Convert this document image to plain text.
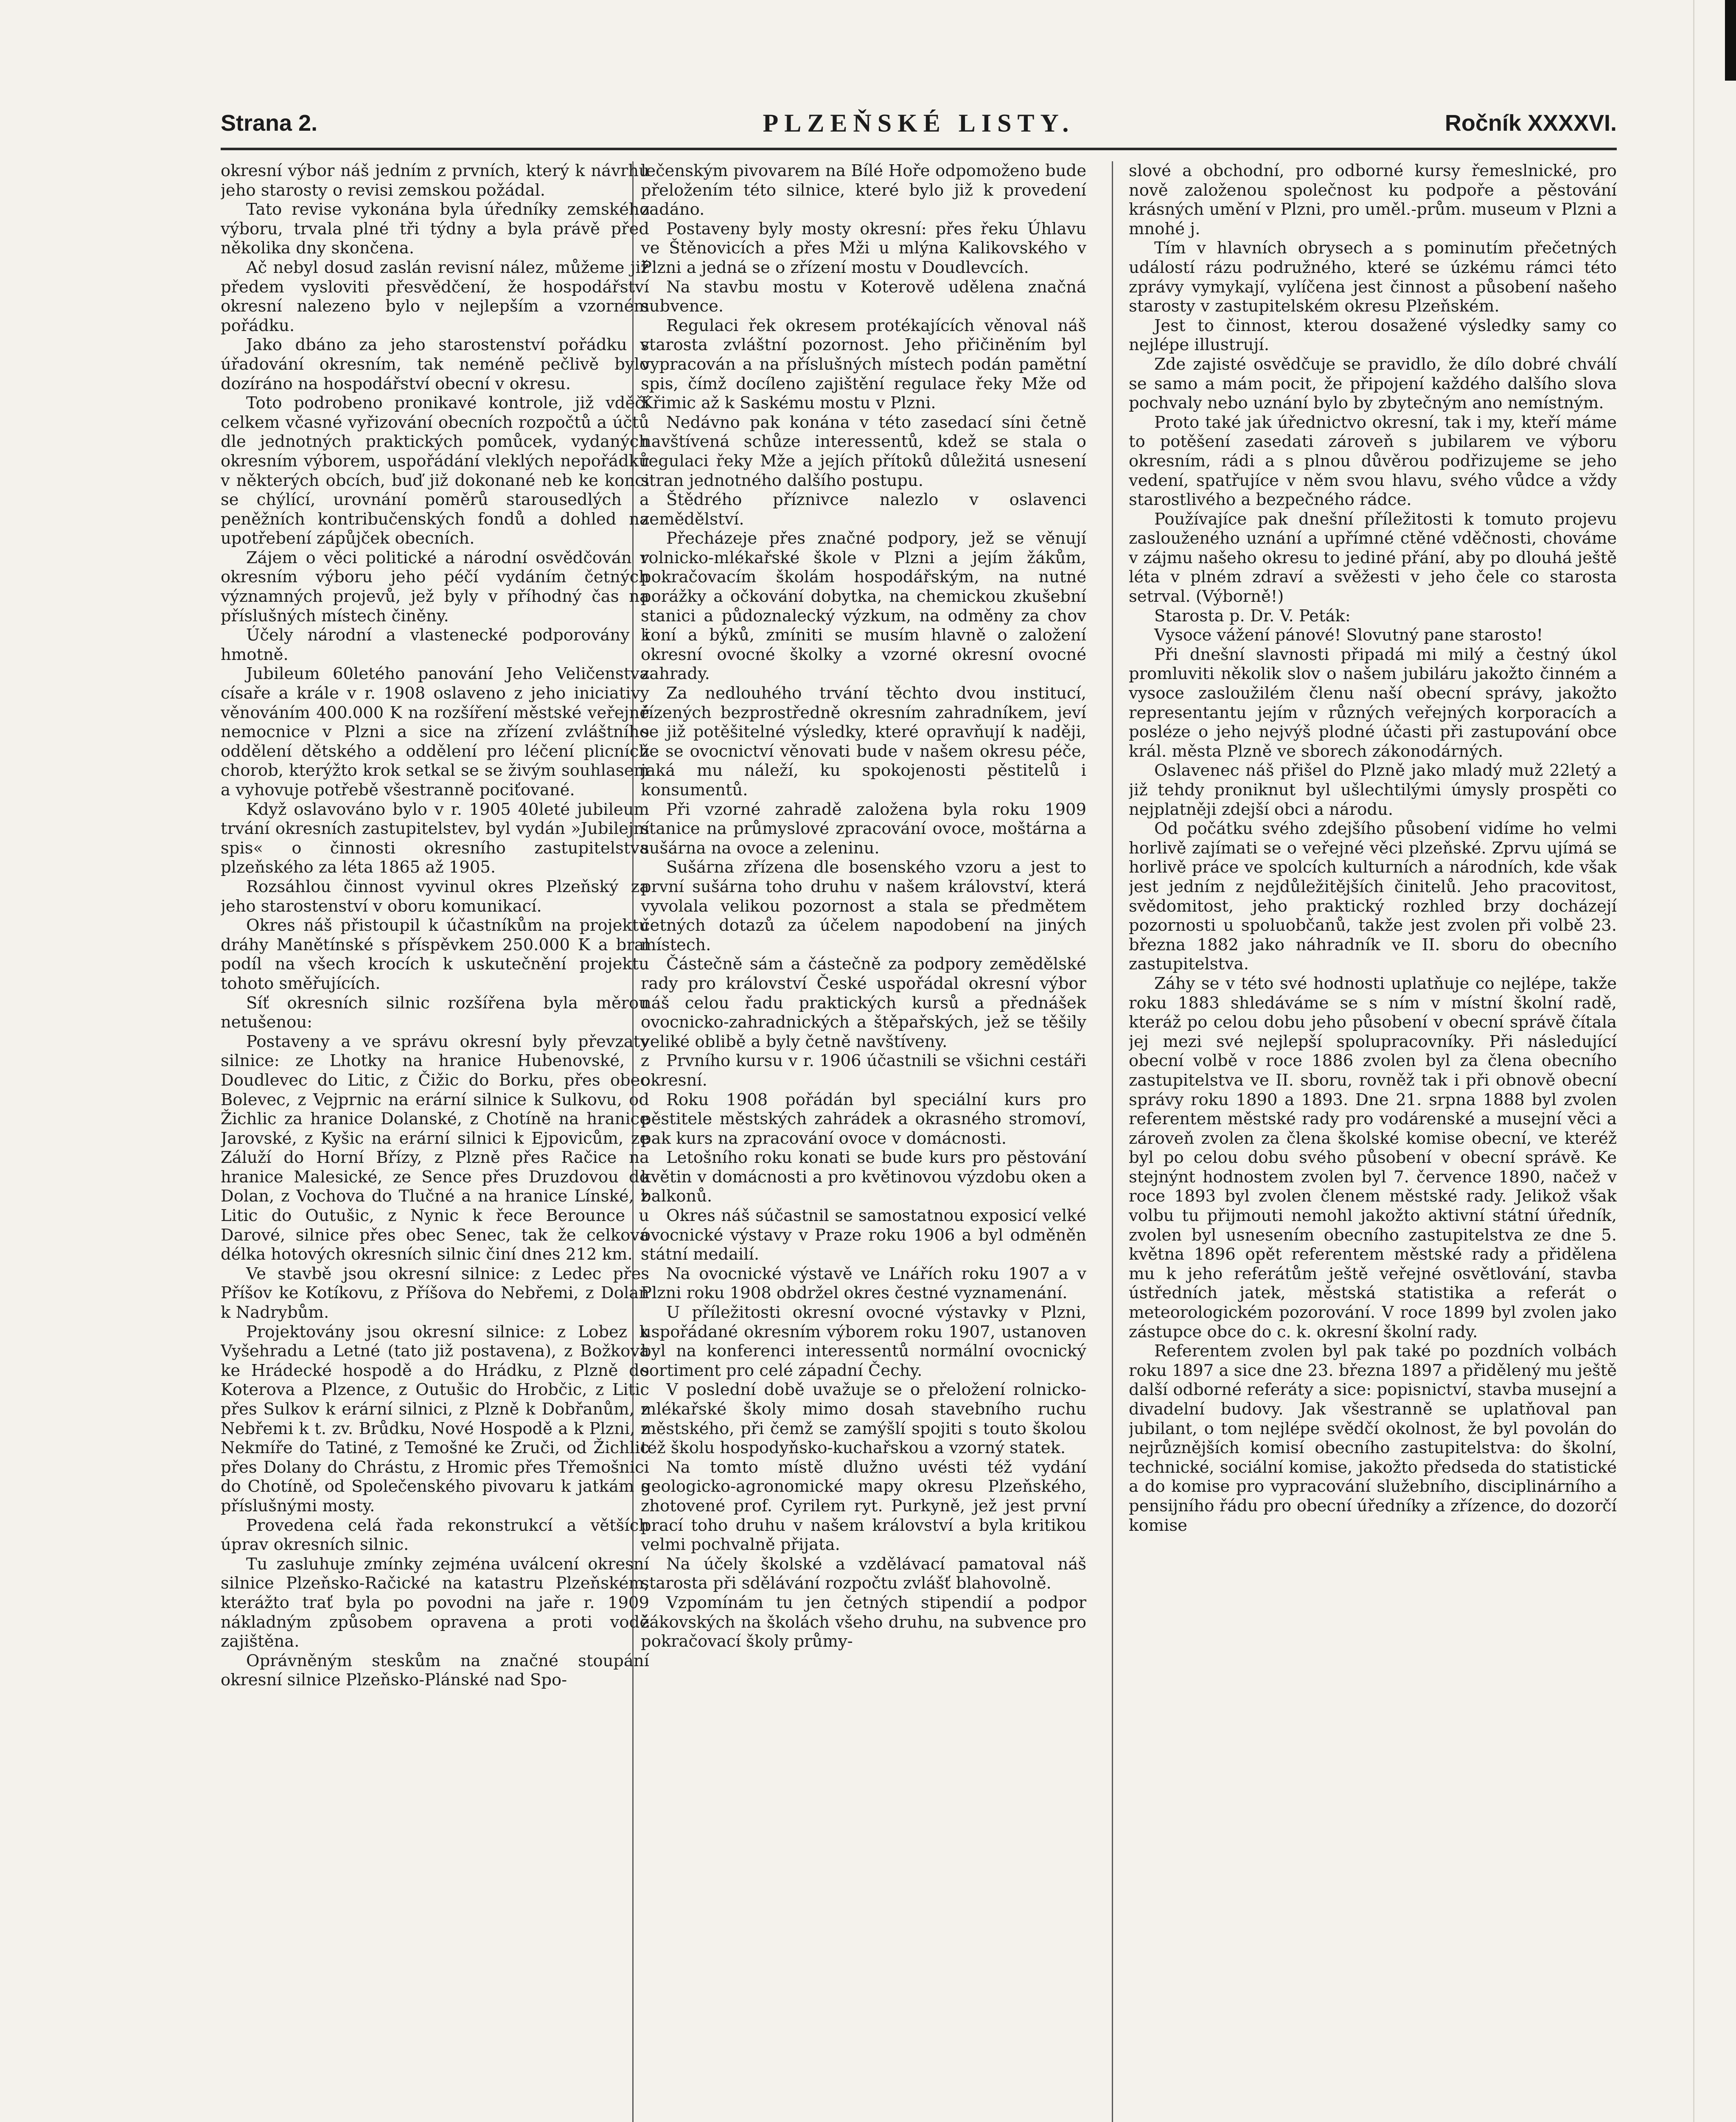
Strana 2.	PLZEŇSKÉ LISTY.	Ročník XXXXVI.

okresní výbor náš jedním z prvních, který k návrhu jeho starosty o revisi zemskou požádal.

Tato revise vykonána byla úředníky zemského výboru, trvala plné tři týdny a byla právě před několika dny skončena.

Ač nebyl dosud zaslán revisní nález, můžeme již předem vysloviti přesvědčení, že hospodářství okresní nalezeno bylo v nejlepším a vzorném pořádku.

Jako dbáno za jeho starostenství pořádku v úřadování okresním, tak neméně pečlivě bylo dozíráno na hospodářství obecní v okresu.

Toto podrobeno pronikavé kontrole, již vděčí celkem včasné vyřizování obecních rozpočtů a účtů dle jednotných praktických pomůcek, vydaných okresním výborem, uspořádání vleklých nepořádků v některých obcích, buď již dokonané neb ke konci se chýlící, urovnání poměrů starousedlých a peněžních kontribučenských fondů a dohled na upotřebení zápůjček obecních.

Zájem o věci politické a národní osvědčován v okresním výboru jeho péčí vydáním četných významných projevů, jež byly v příhodný čas na příslušných místech činěny.

Účely národní a vlastenecké podporovány i hmotně.

Jubileum 60letého panování Jeho Veličenstva císaře a krále v r. 1908 oslaveno z jeho iniciativy věnováním 400.000 K na rozšíření městské veřejné nemocnice v Plzni a sice na zřízení zvláštního oddělení dětského a oddělení pro léčení plicních chorob, kterýžto krok setkal se se živým souhlasem a vyhovuje potřebě všestranně pociťované.

Když oslavováno bylo v r. 1905 40leté jubileum trvání okresních zastupitelstev, byl vydán »Jubilejní spis« o činnosti okresního zastupitelstva plzeňského za léta 1865 až 1905.

Rozsáhlou činnost vyvinul okres Plzeňský za jeho starostenství v oboru komunikací.

Okres náš přistoupil k účastníkům na projektu dráhy Manětínské s příspěvkem 250.000 K a bral podíl na všech krocích k uskutečnění projektu tohoto směřujících.

Síť okresních silnic rozšířena byla měrou netušenou:

Postaveny a ve správu okresní byly převzaty silnice: ze Lhotky na hranice Hubenovské, z Doudlevec do Litic, z Čižic do Borku, přes obec Bolevec, z Vejprnic na erární silnice k Sulkovu, od Žichlic za hranice Dolanské, z Chotíně na hranice Jarovské, z Kyšic na erární silnici k Ejpovicům, ze Záluží do Horní Břízy, z Plzně přes Račice na hranice Malesické, ze Sence přes Druzdovou do Dolan, z Vochova do Tlučné a na hranice Línské, z Litic do Outušic, z Nynic k řece Berounce u Darové, silnice přes obec Senec, tak že celková délka hotových okresních silnic činí dnes 212 km.

Ve stavbě jsou okresní silnice: z Ledec přes Příšov ke Kotíkovu, z Příšova do Nebřemi, z Dolan k Nadrybům.

Projektovány jsou okresní silnice: z Lobez k Vyšehradu a Letné (tato již postavena), z Božkova ke Hrádecké hospodě a do Hrádku, z Plzně do Koterova a Plzence, z Outušic do Hrobčic, z Litic přes Sulkov k erární silnici, z Plzně k Dobřanům, z Nebřemi k t. zv. Brůdku, Nové Hospodě a k Plzni, z Nekmíře do Tatiné, z Temošné ke Zruči, od Žichlic přes Dolany do Chrástu, z Hromic přes Třemošnici do Chotíně, od Společenského pivovaru k jatkám s příslušnými mosty.

Provedena celá řada rekonstrukcí a větších úprav okresních silnic.

Tu zasluhuje zmínky zejména uválcení okresní silnice Plzeňsko-Račické na katastru Plzeňském, kterážto trať byla po povodni na jaře r. 1909 nákladným způsobem opravena a proti vodě zajištěna.

Oprávněným steskům na značné stoupání okresní silnice Plzeňsko-Plánské nad Spo-

lečenským pivovarem na Bílé Hoře odpomoženo bude přeložením této silnice, které bylo již k provedení zadáno.

Postaveny byly mosty okresní: přes řeku Úhlavu ve Štěnovicích a přes Mži u mlýna Kalikovského v Plzni a jedná se o zřízení mostu v Doudlevcích.

Na stavbu mostu v Koterově udělena značná subvence.

Regulaci řek okresem protékajících věnoval náš starosta zvláštní pozornost. Jeho přičiněním byl vypracován a na příslušných místech podán pamětní spis, čímž docíleno zajištění regulace řeky Mže od Křimic až k Saskému mostu v Plzni.

Nedávno pak konána v této zasedací síni četně navštívená schůze interessentů, kdež se stala o regulaci řeky Mže a jejích přítoků důležitá usnesení stran jednotného dalšího postupu.

Štědrého příznivce nalezlo v oslavenci zemědělství.

Přecházeje přes značné podpory, jež se věnují rolnicko-mlékařské škole v Plzni a jejím žákům, pokračovacím školám hospodářským, na nutné porážky a očkování dobytka, na chemickou zkušební stanici a půdoznalecký výzkum, na odměny za chov koní a býků, zmíniti se musím hlavně o založení okresní ovocné školky a vzorné okresní ovocné zahrady.

Za nedlouhého trvání těchto dvou institucí, řízených bezprostředně okresním zahradníkem, jeví se již potěšitelné výsledky, které opravňují k naději, že se ovocnictví věnovati bude v našem okresu péče, jaká mu náleží, ku spokojenosti pěstitelů i konsumentů.

Při vzorné zahradě založena byla roku 1909 stanice na průmyslové zpracování ovoce, moštárna a sušárna na ovoce a zeleninu.

Sušárna zřízena dle bosenského vzoru a jest to první sušárna toho druhu v našem království, která vyvolala velikou pozornost a stala se předmětem četných dotazů za účelem napodobení na jiných místech.

Částečně sám a částečně za podpory zemědělské rady pro království České uspořádal okresní výbor náš celou řadu praktických kursů a přednášek ovocnicko-zahradnických a štěpařských, jež se těšily veliké oblibě a byly četně navštíveny.

Prvního kursu v r. 1906 účastnili se všichni cestáři okresní.

Roku 1908 pořádán byl speciální kurs pro pěstitele městských zahrádek a okrasného stromoví, pak kurs na zpracování ovoce v domácnosti.

Letošního roku konati se bude kurs pro pěstování květin v domácnosti a pro květinovou výzdobu oken a balkonů.

Okres náš súčastnil se samostatnou exposicí velké ovocnické výstavy v Praze roku 1906 a byl odměněn státní medailí.

Na ovocnické výstavě ve Lnářích roku 1907 a v Plzni roku 1908 obdržel okres čestné vyznamenání.

U příležitosti okresní ovocné výstavky v Plzni, uspořádané okresním výborem roku 1907, ustanoven byl na konferenci interessentů normální ovocnický sortiment pro celé západní Čechy.

V poslední době uvažuje se o přeložení rolnicko-mlékařské školy mimo dosah stavebního ruchu městského, při čemž se zamýšlí spojiti s touto školou též školu hospodyňsko-kuchařskou a vzorný statek.

Na tomto místě dlužno uvésti též vydání geologicko-agronomické mapy okresu Plzeňského, zhotovené prof. Cyrilem ryt. Purkyně, jež jest první prací toho druhu v našem království a byla kritikou velmi pochvalně přijata.

Na účely školské a vzdělávací pamatoval náš starosta při sdělávání rozpočtu zvlášť blahovolně.

Vzpomínám tu jen četných stipendií a podpor žákovských na školách všeho druhu, na subvence pro pokračovací školy průmy-

slové a obchodní, pro odborné kursy řemeslnické, pro nově založenou společnost ku podpoře a pěstování krásných umění v Plzni, pro uměl.-prům. museum v Plzni a mnohé j.

Tím v hlavních obrysech a s pominutím přečetných událostí rázu podružného, které se úzkému rámci této zprávy vymykají, vylíčena jest činnost a působení našeho starosty v zastupitelském okresu Plzeňském.

Jest to činnost, kterou dosažené výsledky samy co nejlépe illustrují.

Zde zajisté osvědčuje se pravidlo, že dílo dobré chválí se samo a mám pocit, že připojení každého dalšího slova pochvaly nebo uznání bylo by zbytečným ano nemístným.

Proto také jak úřednictvo okresní, tak i my, kteří máme to potěšení zasedati zároveň s jubilarem ve výboru okresním, rádi a s plnou důvěrou podřizujeme se jeho vedení, spatřujíce v něm svou hlavu, svého vůdce a vždy starostlivého a bezpečného rádce.

Používajíce pak dnešní příležitosti k tomuto projevu zaslouženého uznání a upřímné ctěné vděčnosti, chováme v zájmu našeho okresu to jediné přání, aby po dlouhá ještě léta v plném zdraví a svěžesti v jeho čele co starosta setrval. (Výborně!)

Starosta p. Dr. V. Peták:

Vysoce vážení pánové! Slovutný pane starosto!

Při dnešní slavnosti připadá mi milý a čestný úkol promluviti několik slov o našem jubiláru jakožto činném a vysoce zasloužilém členu naší obecní správy, jakožto representantu jejím v různých veřejných korporacích a posléze o jeho nejvýš plodné účasti při zastupování obce král. města Plzně ve sborech zákonodárných.

Oslavenec náš přišel do Plzně jako mladý muž 22letý a již tehdy proniknut byl ušlechtilými úmysly prospěti co nejplatněji zdejší obci a národu.

Od počátku svého zdejšího působení vidíme ho velmi horlivě zajímati se o veřejné věci plzeňské. Zprvu ujímá se horlivě práce ve spolcích kulturních a národních, kde však jest jedním z nejdůležitějších činitelů. Jeho pracovitost, svědomitost, jeho praktický rozhled brzy docházejí pozornosti u spoluobčanů, takže jest zvolen při volbě 23. března 1882 jako náhradník ve II. sboru do obecního zastupitelstva.

Záhy se v této své hodnosti uplatňuje co nejlépe, takže roku 1883 shledáváme se s ním v místní školní radě, kteráž po celou dobu jeho působení v obecní správě čítala jej mezi své nejlepší spolupracovníky. Při následující obecní volbě v roce 1886 zvolen byl za člena obecního zastupitelstva ve II. sboru, rovněž tak i při obnově obecní správy roku 1890 a 1893. Dne 21. srpna 1888 byl zvolen referentem městské rady pro vodárenské a musejní věci a zároveň zvolen za člena školské komise obecní, ve kteréž byl po celou dobu svého působení v obecní správě. Ke stejnýnt hodnostem zvolen byl 7. července 1890, načež v roce 1893 byl zvolen členem městské rady. Jelikož však volbu tu přijmouti nemohl jakožto aktivní státní úředník, zvolen byl usnesením obecního zastupitelstva ze dne 5. května 1896 opět referentem městské rady a přidělena mu k jeho referátům ještě veřejné osvětlování, stavba ústředních jatek, městská statistika a referát o meteorologickém pozorování. V roce 1899 byl zvolen jako zástupce obce do c. k. okresní školní rady.

Referentem zvolen byl pak také po pozdních volbách roku 1897 a sice dne 23. března 1897 a přidělený mu ještě další odborné referáty a sice: popisnictví, stavba musejní a divadelní budovy. Jak všestranně se uplatňoval pan jubilant, o tom nejlépe svědčí okolnost, že byl povolán do nejrůznějších komisí obecního zastupitelstva: do školní, technické, sociální komise, jakožto předseda do statistické a do komise pro vypracování služebního, disciplinárního a pensijního řádu pro obecní úředníky a zřízence, do dozorčí komise
